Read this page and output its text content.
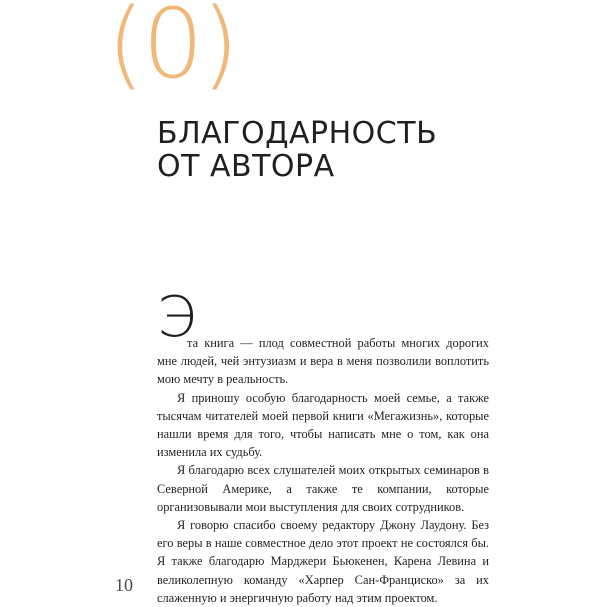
(0)
БЛАГОДАРНОСТЬ
ОТ АВТОРА
Э

та книга — плод совместной работы многих дорогих мне людей, чей энтузиазм и вера в меня позволили воплотить мою мечту в реальность.

Я приношу особую благодарность моей семье, а также тысячам читателей моей первой книги «Мегажизнь», которые нашли время для того, чтобы написать мне о том, как она изменила их судьбу.

Я благодарю всех слушателей моих открытых семинаров в Северной Америке, а также те компании, которые организовывали мои выступления для своих сотрудников.

Я говорю спасибо своему редактору Джону Лаудону. Без его веры в наше совместное дело этот проект не состоялся бы. Я также благодарю Марджери Бьюкенен, Карена Левина и великолепную команду «Харпер Сан-Франциско» за их слаженную и энергичную работу над этим проектом.

10
